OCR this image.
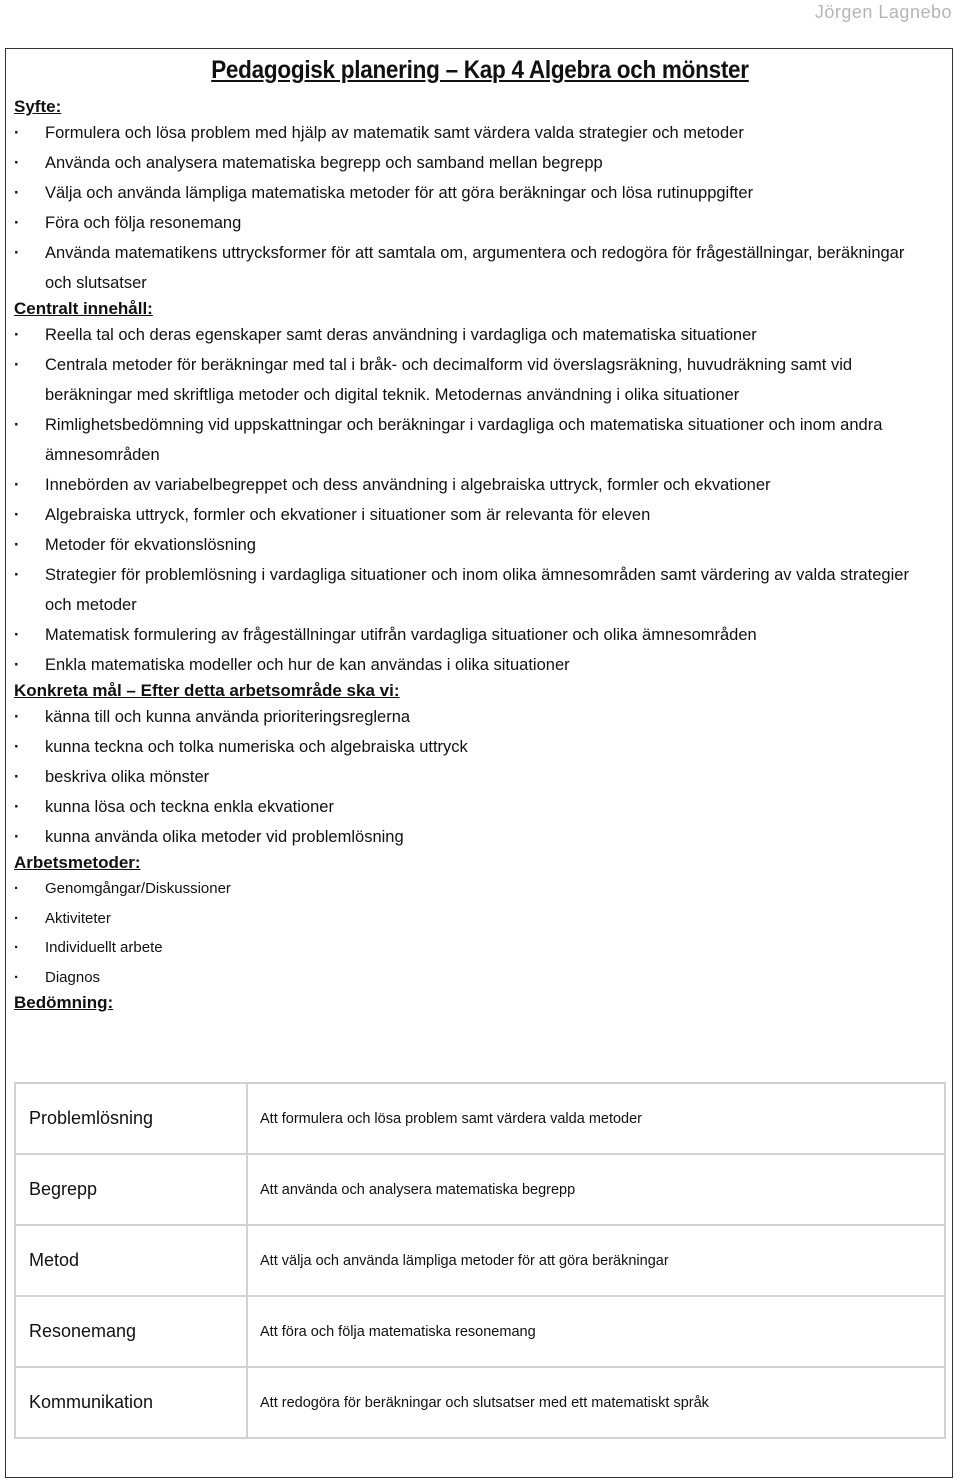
Jörgen Lagnebo
Pedagogisk planering – Kap 4 Algebra och mönster
Syfte:
· Formulera och lösa problem med hjälp av matematik samt värdera valda strategier och metoder
· Använda och analysera matematiska begrepp och samband mellan begrepp
· Välja och använda lämpliga matematiska metoder för att göra beräkningar och lösa rutinuppgifter
· Föra och följa resonemang
· Använda matematikens uttrycksformer för att samtala om, argumentera och redogöra för frågeställningar, beräkningar och slutsatser
Centralt innehåll:
· Reella tal och deras egenskaper samt deras användning i vardagliga och matematiska situationer
· Centrala metoder för beräkningar med tal i bråk- och decimalform vid överslagsräkning, huvudräkning samt vid beräkningar med skriftliga metoder och digital teknik. Metodernas användning i olika situationer
· Rimlighetsbedömning vid uppskattningar och beräkningar i vardagliga och matematiska situationer och inom andra ämnesområden
· Innebörden av variabelbegreppet och dess användning i algebraiska uttryck, formler och ekvationer
· Algebraiska uttryck, formler och ekvationer i situationer som är relevanta för eleven
· Metoder för ekvationslösning
· Strategier för problemlösning i vardagliga situationer och inom olika ämnesområden samt värdering av valda strategier och metoder
· Matematisk formulering av frågeställningar utifrån vardagliga situationer och olika ämnesområden
· Enkla matematiska modeller och hur de kan användas i olika situationer
Konkreta mål – Efter detta arbetsområde ska vi:
· känna till och kunna använda prioriteringsreglerna
· kunna teckna och tolka numeriska och algebraiska uttryck
· beskriva olika mönster
· kunna lösa och teckna enkla ekvationer
· kunna använda olika metoder vid problemlösning
Arbetsmetoder:
· Genomgångar/Diskussioner
· Aktiviteter
· Individuellt arbete
· Diagnos
Bedömning:
Problemlösning	Att formulera och lösa problem samt värdera valda metoder
Begrepp	Att använda och analysera matematiska begrepp
Metod	Att välja och använda lämpliga metoder för att göra beräkningar
Resonemang	Att föra och följa matematiska resonemang
Kommunikation	Att redogöra för beräkningar och slutsatser med ett matematiskt språk
